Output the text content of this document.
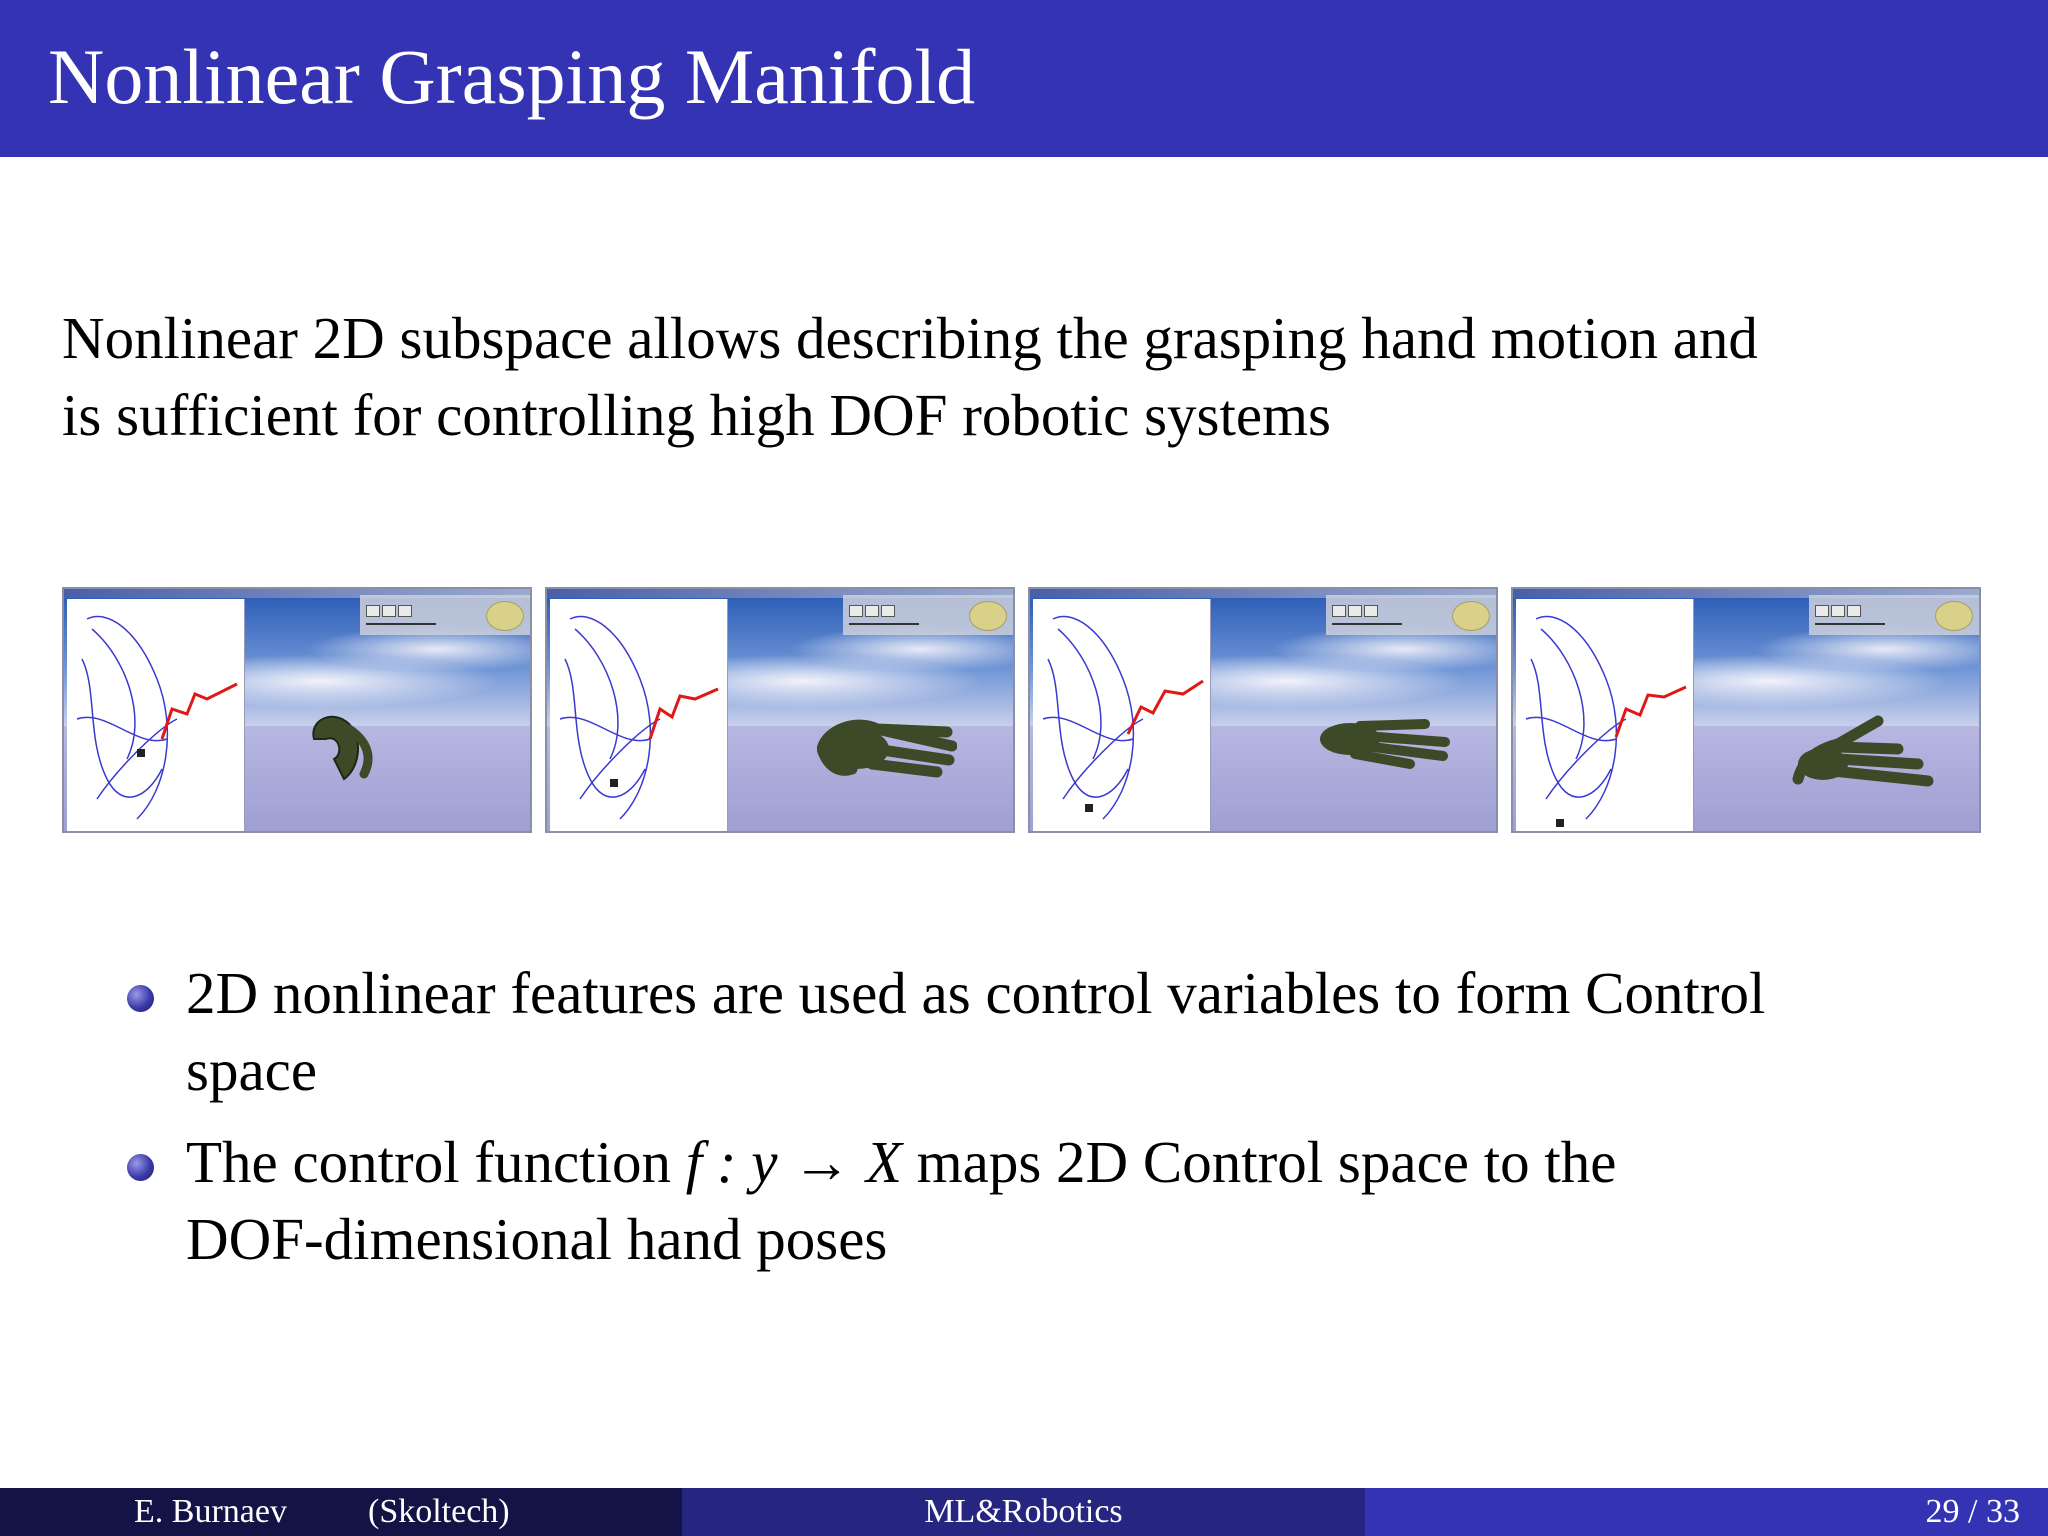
Nonlinear Grasping Manifold
Nonlinear 2D subspace allows describing the grasping hand motion and
is sufficient for controlling high DOF robotic systems
2D nonlinear features are used as control variables to form Control
space
The control function f : y → X maps 2D Control space to the
DOF-dimensional hand poses
E. Burnaev (Skoltech)	ML&Robotics	29 / 33
